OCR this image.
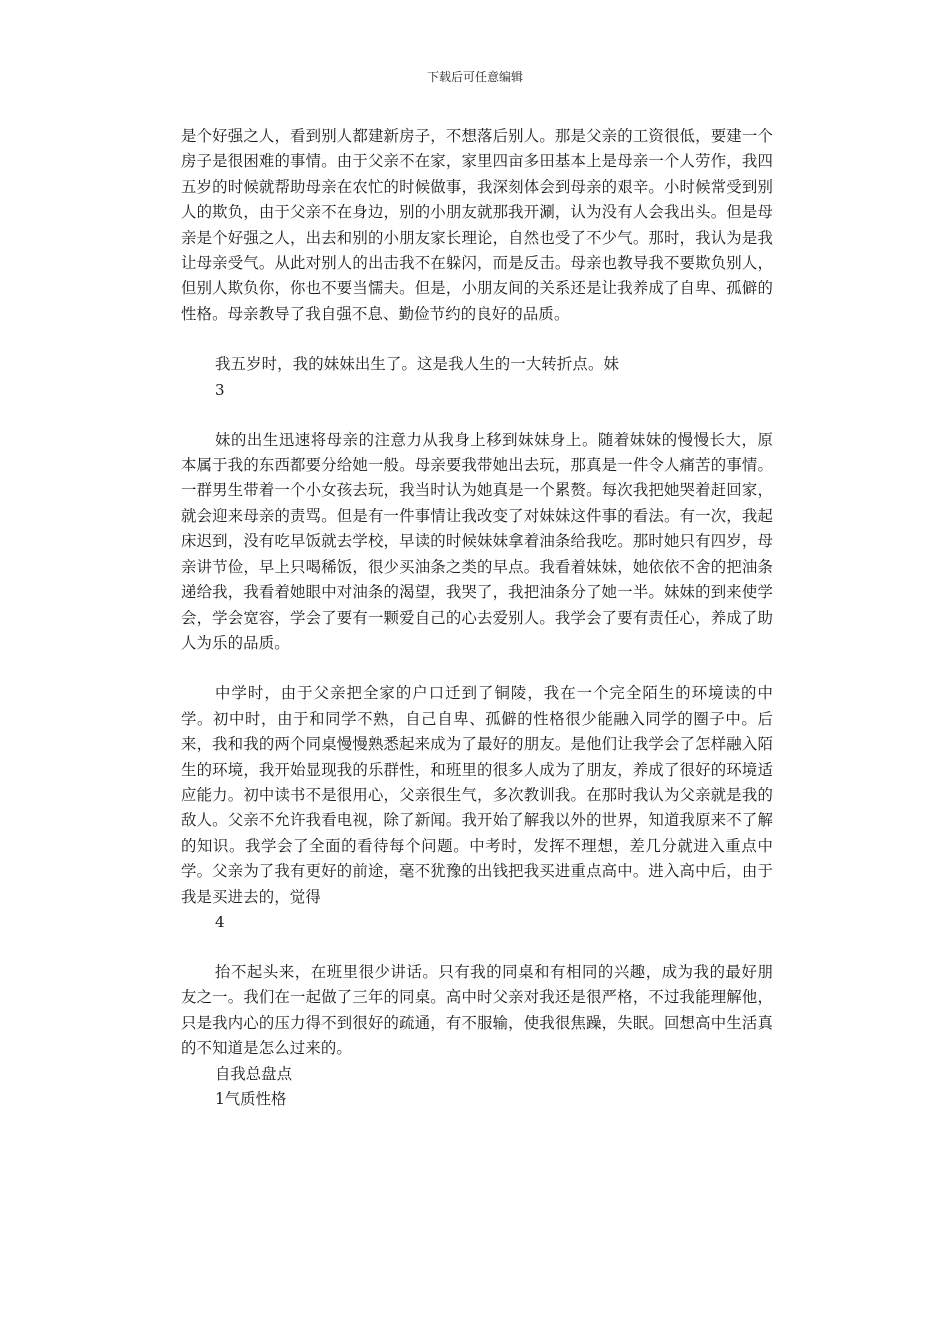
下载后可任意编辑

是个好强之人，看到别人都建新房子，不想落后别人。那是父亲的工资很低，要建一个房子是很困难的事情。由于父亲不在家，家里四亩多田基本上是母亲一个人劳作，我四五岁的时候就帮助母亲在农忙的时候做事，我深刻体会到母亲的艰辛。小时候常受到别人的欺负，由于父亲不在身边，别的小朋友就那我开涮，认为没有人会我出头。但是母亲是个好强之人，出去和别的小朋友家长理论，自然也受了不少气。那时，我认为是我让母亲受气。从此对别人的出击我不在躲闪，而是反击。母亲也教导我不要欺负别人，但别人欺负你，你也不要当懦夫。但是，小朋友间的关系还是让我养成了自卑、孤僻的性格。母亲教导了我自强不息、勤俭节约的良好的品质。

我五岁时，我的妹妹出生了。这是我人生的一大转折点。妹

3

妹的出生迅速将母亲的注意力从我身上移到妹妹身上。随着妹妹的慢慢长大，原本属于我的东西都要分给她一般。母亲要我带她出去玩，那真是一件令人痛苦的事情。一群男生带着一个小女孩去玩，我当时认为她真是一个累赘。每次我把她哭着赶回家，就会迎来母亲的责骂。但是有一件事情让我改变了对妹妹这件事的看法。有一次，我起床迟到，没有吃早饭就去学校，早读的时候妹妹拿着油条给我吃。那时她只有四岁，母亲讲节俭，早上只喝稀饭，很少买油条之类的早点。我看着妹妹，她依依不舍的把油条递给我，我看着她眼中对油条的渴望，我哭了，我把油条分了她一半。妹妹的到来使学会，学会宽容，学会了要有一颗爱自己的心去爱别人。我学会了要有责任心，养成了助人为乐的品质。

中学时，由于父亲把全家的户口迁到了铜陵，我在一个完全陌生的环境读的中学。初中时，由于和同学不熟，自己自卑、孤僻的性格很少能融入同学的圈子中。后来，我和我的两个同桌慢慢熟悉起来成为了最好的朋友。是他们让我学会了怎样融入陌生的环境，我开始显现我的乐群性，和班里的很多人成为了朋友，养成了很好的环境适应能力。初中读书不是很用心，父亲很生气，多次教训我。在那时我认为父亲就是我的敌人。父亲不允许我看电视，除了新闻。我开始了解我以外的世界，知道我原来不了解的知识。我学会了全面的看待每个问题。中考时，发挥不理想，差几分就进入重点中学。父亲为了我有更好的前途，毫不犹豫的出钱把我买进重点高中。进入高中后，由于我是买进去的，觉得

4

抬不起头来，在班里很少讲话。只有我的同桌和有相同的兴趣，成为我的最好朋友之一。我们在一起做了三年的同桌。高中时父亲对我还是很严格，不过我能理解他，只是我内心的压力得不到很好的疏通，有不服输，使我很焦躁，失眠。回想高中生活真的不知道是怎么过来的。

自我总盘点

1气质性格
